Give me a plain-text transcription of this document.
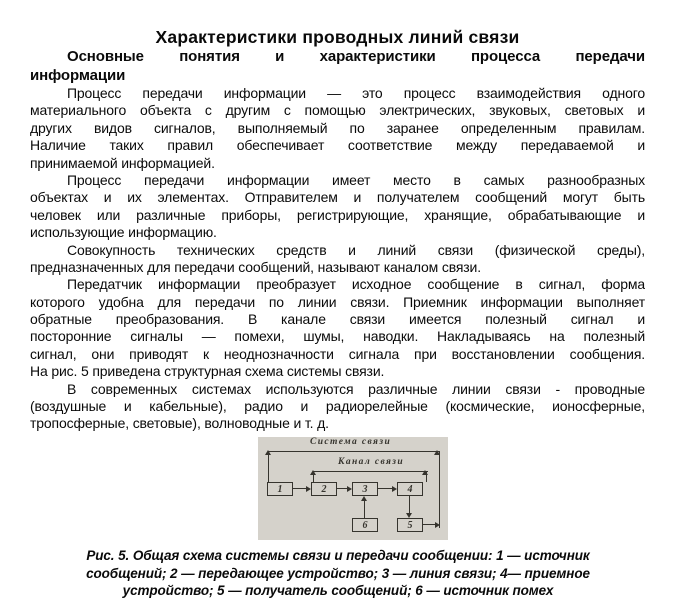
Характеристики проводных линий связи
Основные понятия и характеристики процесса передачи
информации
Процесс передачи информации — это процесс взаимодействия одного
материального объекта с другим с помощью электрических, звуковых, световых и
других видов сигналов, выполняемый по заранее определенным правилам.
Наличие таких правил обеспечивает соответствие между передаваемой и
принимаемой информацией.
Процесс передачи информации имеет место в самых разнообразных
объектах и их элементах. Отправителем и получателем сообщений могут быть
человек или различные приборы, регистрирующие, хранящие, обрабатывающие и
использующие информацию.
Совокупность технических средств и линий связи (физической среды),
предназначенных для передачи сообщений, называют каналом связи.
Передатчик информации преобразует исходное сообщение в сигнал, форма
которого удобна для передачи по линии связи. Приемник информации выполняет
обратные преобразования. В канале связи имеется полезный сигнал и
посторонние сигналы — помехи, шумы, наводки. Накладываясь на полезный
сигнал, они приводят к неоднозначности сигнала при восстановлении сообщения.
На рис. 5 приведена структурная схема системы связи.
В современных системах используются различные линии связи - проводные
(воздушные и кабельные), радио и радиорелейные (космические, ионосферные,
тропосферные, световые), волноводные и т. д.
Система связи
Канал связи
1	2	3	4
6	5
Рис. 5. Общая схема системы связи и передачи сообщении: 1 — источник
сообщений; 2 — передающее устройство; 3 — линия связи; 4— приемное
устройство; 5 — получатель сообщений; 6 — источник помех
